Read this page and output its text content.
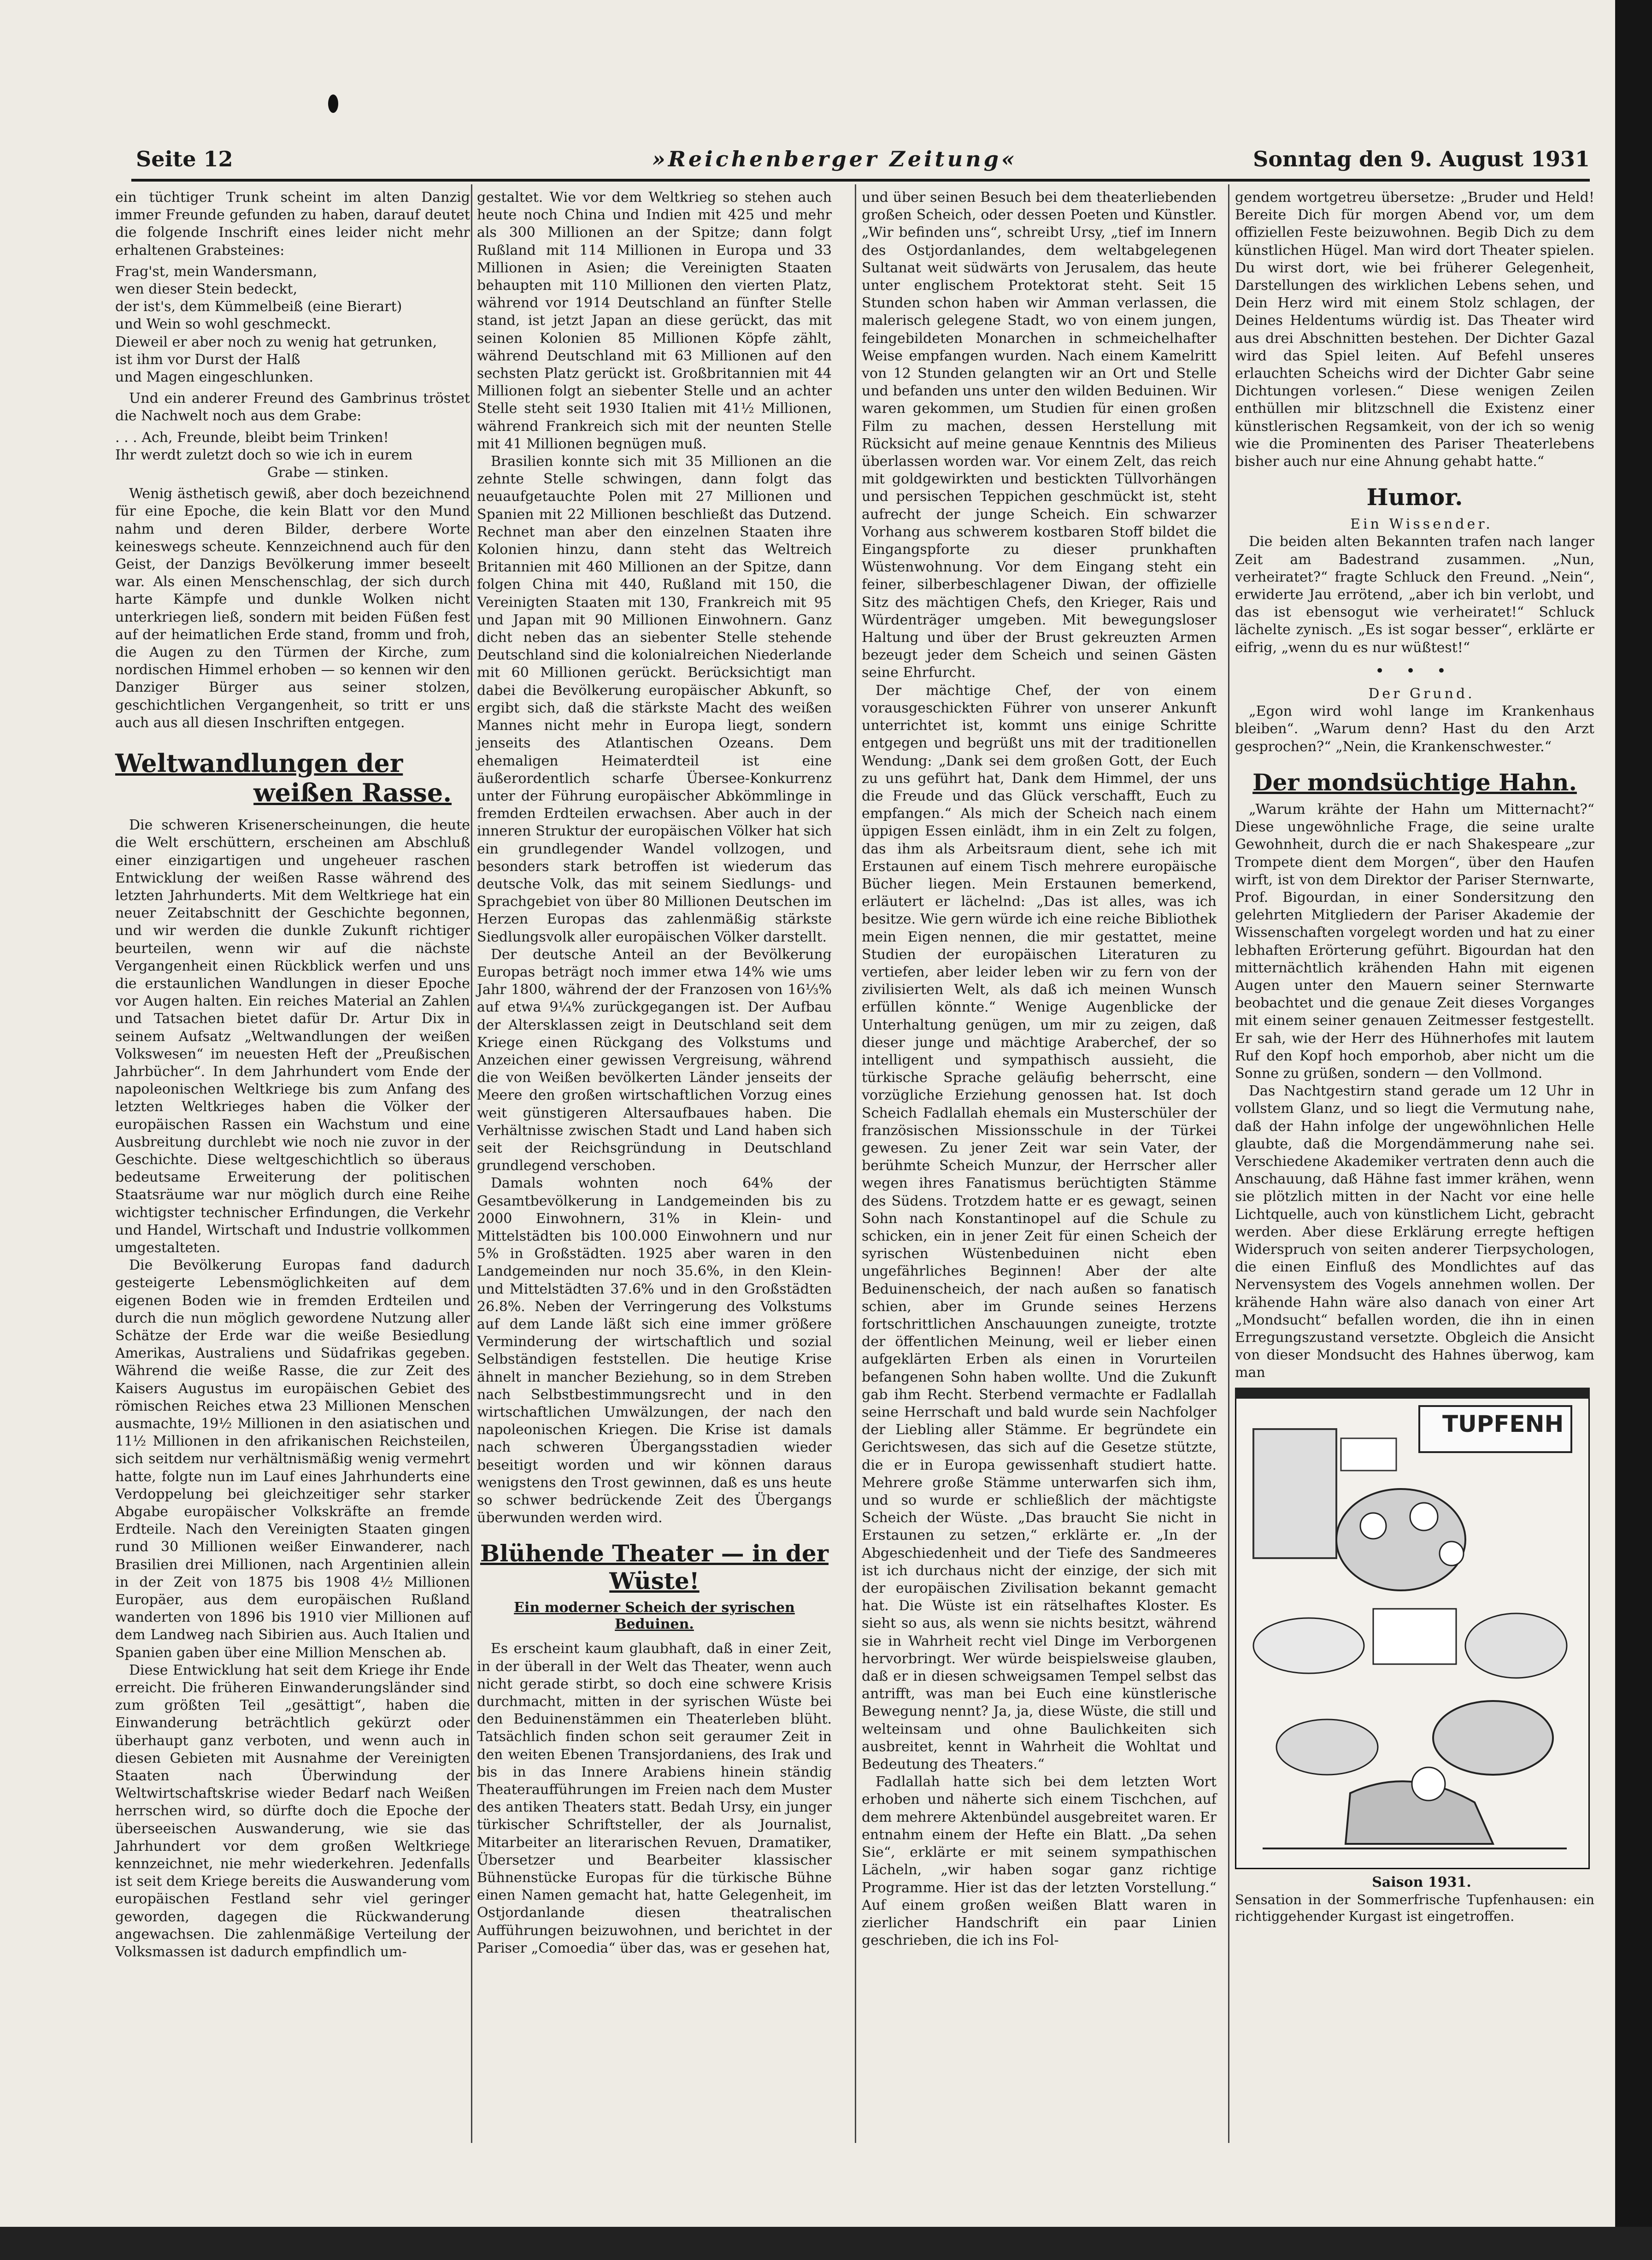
Seite 12	»Reichenberger Zeitung«	Sonntag den 9. August 1931

ein tüchtiger Trunk scheint im alten Danzig immer Freunde gefunden zu haben, darauf deutet die folgende Inschrift eines leider nicht mehr erhaltenen Grabsteines:

Frag'st, mein Wandersmann,
wen dieser Stein bedeckt,
der ist's, dem Kümmelbeiß (eine Bierart)
und Wein so wohl geschmeckt.
Dieweil er aber noch zu wenig hat getrunken,
ist ihm vor Durst der Halß
und Magen eingeschlunken.

Und ein anderer Freund des Gambrinus tröstet die Nachwelt noch aus dem Grabe:

. . . Ach, Freunde, bleibt beim Trinken!
Ihr werdt zuletzt doch so wie ich in eurem
Grabe — stinken.

Wenig ästhetisch gewiß, aber doch bezeichnend für eine Epoche, die kein Blatt vor den Mund nahm und deren Bilder, derbere Worte keineswegs scheute. Kennzeichnend auch für den Geist, der Danzigs Bevölkerung immer beseelt war. Als einen Menschenschlag, der sich durch harte Kämpfe und dunkle Wolken nicht unterkriegen ließ, sondern mit beiden Füßen fest auf der heimatlichen Erde stand, fromm und froh, die Augen zu den Türmen der Kirche, zum nordischen Himmel erhoben — so kennen wir den Danziger Bürger aus seiner stolzen, geschichtlichen Vergangenheit, so tritt er uns auch aus all diesen Inschriften entgegen.

Weltwandlungen der
weißen Rasse.

Die schweren Krisenerscheinungen, die heute die Welt erschüttern, erscheinen am Abschluß einer einzigartigen und ungeheuer raschen Entwicklung der weißen Rasse während des letzten Jahrhunderts. Mit dem Weltkriege hat ein neuer Zeitabschnitt der Geschichte begonnen, und wir werden die dunkle Zukunft richtiger beurteilen, wenn wir auf die nächste Vergangenheit einen Rückblick werfen und uns die erstaunlichen Wandlungen in dieser Epoche vor Augen halten. Ein reiches Material an Zahlen und Tatsachen bietet dafür Dr. Artur Dix in seinem Aufsatz „Weltwandlungen der weißen Volkswesen“ im neuesten Heft der „Preußischen Jahrbücher“. In dem Jahrhundert vom Ende der napoleonischen Weltkriege bis zum Anfang des letzten Weltkrieges haben die Völker der europäischen Rassen ein Wachstum und eine Ausbreitung durchlebt wie noch nie zuvor in der Geschichte. Diese weltgeschichtlich so überaus bedeutsame Erweiterung der politischen Staatsräume war nur möglich durch eine Reihe wichtigster technischer Erfindungen, die Verkehr und Handel, Wirtschaft und Industrie vollkommen umgestalteten.

Die Bevölkerung Europas fand dadurch gesteigerte Lebensmöglichkeiten auf dem eigenen Boden wie in fremden Erdteilen und durch die nun möglich gewordene Nutzung aller Schätze der Erde war die weiße Besiedlung Amerikas, Australiens und Südafrikas gegeben. Während die weiße Rasse, die zur Zeit des Kaisers Augustus im europäischen Gebiet des römischen Reiches etwa 23 Millionen Menschen ausmachte, 19½ Millionen in den asiatischen und 11½ Millionen in den afrikanischen Reichsteilen, sich seitdem nur verhältnismäßig wenig vermehrt hatte, folgte nun im Lauf eines Jahrhunderts eine Verdoppelung bei gleichzeitiger sehr starker Abgabe europäischer Volkskräfte an fremde Erdteile. Nach den Vereinigten Staaten gingen rund 30 Millionen weißer Einwanderer, nach Brasilien drei Millionen, nach Argentinien allein in der Zeit von 1875 bis 1908 4½ Millionen Europäer, aus dem europäischen Rußland wanderten von 1896 bis 1910 vier Millionen auf dem Landweg nach Sibirien aus. Auch Italien und Spanien gaben über eine Million Menschen ab.

Diese Entwicklung hat seit dem Kriege ihr Ende erreicht. Die früheren Einwanderungsländer sind zum größten Teil „gesättigt“, haben die Einwanderung beträchtlich gekürzt oder überhaupt ganz verboten, und wenn auch in diesen Gebieten mit Ausnahme der Vereinigten Staaten nach Überwindung der Weltwirtschaftskrise wieder Bedarf nach Weißen herrschen wird, so dürfte doch die Epoche der überseeischen Auswanderung, wie sie das Jahrhundert vor dem großen Weltkriege kennzeichnet, nie mehr wiederkehren. Jedenfalls ist seit dem Kriege bereits die Auswanderung vom europäischen Festland sehr viel geringer geworden, dagegen die Rückwanderung angewachsen. Die zahlenmäßige Verteilung der Volksmassen ist dadurch empfindlich um-

gestaltet. Wie vor dem Weltkrieg so stehen auch heute noch China und Indien mit 425 und mehr als 300 Millionen an der Spitze; dann folgt Rußland mit 114 Millionen in Europa und 33 Millionen in Asien; die Vereinigten Staaten behaupten mit 110 Millionen den vierten Platz, während vor 1914 Deutschland an fünfter Stelle stand, ist jetzt Japan an diese gerückt, das mit seinen Kolonien 85 Millionen Köpfe zählt, während Deutschland mit 63 Millionen auf den sechsten Platz gerückt ist. Großbritannien mit 44 Millionen folgt an siebenter Stelle und an achter Stelle steht seit 1930 Italien mit 41½ Millionen, während Frankreich sich mit der neunten Stelle mit 41 Millionen begnügen muß.

Brasilien konnte sich mit 35 Millionen an die zehnte Stelle schwingen, dann folgt das neuaufgetauchte Polen mit 27 Millionen und Spanien mit 22 Millionen beschließt das Dutzend. Rechnet man aber den einzelnen Staaten ihre Kolonien hinzu, dann steht das Weltreich Britannien mit 460 Millionen an der Spitze, dann folgen China mit 440, Rußland mit 150, die Vereinigten Staaten mit 130, Frankreich mit 95 und Japan mit 90 Millionen Einwohnern. Ganz dicht neben das an siebenter Stelle stehende Deutschland sind die kolonialreichen Niederlande mit 60 Millionen gerückt. Berücksichtigt man dabei die Bevölkerung europäischer Abkunft, so ergibt sich, daß die stärkste Macht des weißen Mannes nicht mehr in Europa liegt, sondern jenseits des Atlantischen Ozeans. Dem ehemaligen Heimaterdteil ist eine äußerordentlich scharfe Übersee-Konkurrenz unter der Führung europäischer Abkömmlinge in fremden Erdteilen erwachsen. Aber auch in der inneren Struktur der europäischen Völker hat sich ein grundlegender Wandel vollzogen, und besonders stark betroffen ist wiederum das deutsche Volk, das mit seinem Siedlungs- und Sprachgebiet von über 80 Millionen Deutschen im Herzen Europas das zahlenmäßig stärkste Siedlungsvolk aller europäischen Völker darstellt.

Der deutsche Anteil an der Bevölkerung Europas beträgt noch immer etwa 14% wie ums Jahr 1800, während der der Franzosen von 16⅓% auf etwa 9¼% zurückgegangen ist. Der Aufbau der Altersklassen zeigt in Deutschland seit dem Kriege einen Rückgang des Volkstums und Anzeichen einer gewissen Vergreisung, während die von Weißen bevölkerten Länder jenseits der Meere den großen wirtschaftlichen Vorzug eines weit günstigeren Altersaufbaues haben. Die Verhältnisse zwischen Stadt und Land haben sich seit der Reichsgründung in Deutschland grundlegend verschoben.

Damals wohnten noch 64% der Gesamtbevölkerung in Landgemeinden bis zu 2000 Einwohnern, 31% in Klein- und Mittelstädten bis 100.000 Einwohnern und nur 5% in Großstädten. 1925 aber waren in den Landgemeinden nur noch 35.6%, in den Klein- und Mittelstädten 37.6% und in den Großstädten 26.8%. Neben der Verringerung des Volkstums auf dem Lande läßt sich eine immer größere Verminderung der wirtschaftlich und sozial Selbständigen feststellen. Die heutige Krise ähnelt in mancher Beziehung, so in dem Streben nach Selbstbestimmungsrecht und in den wirtschaftlichen Umwälzungen, der nach den napoleonischen Kriegen. Die Krise ist damals nach schweren Übergangsstadien wieder beseitigt worden und wir können daraus wenigstens den Trost gewinnen, daß es uns heute so schwer bedrückende Zeit des Übergangs überwunden werden wird.

Blühende Theater — in der Wüste!
Ein moderner Scheich der syrischen Beduinen.

Es erscheint kaum glaubhaft, daß in einer Zeit, in der überall in der Welt das Theater, wenn auch nicht gerade stirbt, so doch eine schwere Krisis durchmacht, mitten in der syrischen Wüste bei den Beduinenstämmen ein Theaterleben blüht. Tatsächlich finden schon seit geraumer Zeit in den weiten Ebenen Transjordaniens, des Irak und bis in das Innere Arabiens hinein ständig Theateraufführungen im Freien nach dem Muster des antiken Theaters statt. Bedah Ursy, ein junger türkischer Schriftsteller, der als Journalist, Mitarbeiter an literarischen Revuen, Dramatiker, Übersetzer und Bearbeiter klassischer Bühnenstücke Europas für die türkische Bühne einen Namen gemacht hat, hatte Gelegenheit, im Ostjordanlande diesen theatralischen Aufführungen beizuwohnen, und berichtet in der Pariser „Comoedia“ über das, was er gesehen hat,

und über seinen Besuch bei dem theaterliebenden großen Scheich, oder dessen Poeten und Künstler. „Wir befinden uns“, schreibt Ursy, „tief im Innern des Ostjordanlandes, dem weltabgelegenen Sultanat weit südwärts von Jerusalem, das heute unter englischem Protektorat steht. Seit 15 Stunden schon haben wir Amman verlassen, die malerisch gelegene Stadt, wo von einem jungen, feingebildeten Monarchen in schmeichelhafter Weise empfangen wurden. Nach einem Kamelritt von 12 Stunden gelangten wir an Ort und Stelle und befanden uns unter den wilden Beduinen. Wir waren gekommen, um Studien für einen großen Film zu machen, dessen Herstellung mit Rücksicht auf meine genaue Kenntnis des Milieus überlassen worden war. Vor einem Zelt, das reich mit goldgewirkten und bestickten Tüllvorhängen und persischen Teppichen geschmückt ist, steht aufrecht der junge Scheich. Ein schwarzer Vorhang aus schwerem kostbaren Stoff bildet die Eingangspforte zu dieser prunkhaften Wüstenwohnung. Vor dem Eingang steht ein feiner, silberbeschlagener Diwan, der offizielle Sitz des mächtigen Chefs, den Krieger, Rais und Würdenträger umgeben. Mit bewegungsloser Haltung und über der Brust gekreuzten Armen bezeugt jeder dem Scheich und seinen Gästen seine Ehrfurcht.

Der mächtige Chef, der von einem vorausgeschickten Führer von unserer Ankunft unterrichtet ist, kommt uns einige Schritte entgegen und begrüßt uns mit der traditionellen Wendung: „Dank sei dem großen Gott, der Euch zu uns geführt hat, Dank dem Himmel, der uns die Freude und das Glück verschafft, Euch zu empfangen.“ Als mich der Scheich nach einem üppigen Essen einlädt, ihm in ein Zelt zu folgen, das ihm als Arbeitsraum dient, sehe ich mit Erstaunen auf einem Tisch mehrere europäische Bücher liegen. Mein Erstaunen bemerkend, erläutert er lächelnd: „Das ist alles, was ich besitze. Wie gern würde ich eine reiche Bibliothek mein Eigen nennen, die mir gestattet, meine Studien der europäischen Literaturen zu vertiefen, aber leider leben wir zu fern von der zivilisierten Welt, als daß ich meinen Wunsch erfüllen könnte.“ Wenige Augenblicke der Unterhaltung genügen, um mir zu zeigen, daß dieser junge und mächtige Araberchef, der so intelligent und sympathisch aussieht, die türkische Sprache geläufig beherrscht, eine vorzügliche Erziehung genossen hat. Ist doch Scheich Fadlallah ehemals ein Musterschüler der französischen Missionsschule in der Türkei gewesen. Zu jener Zeit war sein Vater, der berühmte Scheich Munzur, der Herrscher aller wegen ihres Fanatismus berüchtigten Stämme des Südens. Trotzdem hatte er es gewagt, seinen Sohn nach Konstantinopel auf die Schule zu schicken, ein in jener Zeit für einen Scheich der syrischen Wüstenbeduinen nicht eben ungefährliches Beginnen! Aber der alte Beduinenscheich, der nach außen so fanatisch schien, aber im Grunde seines Herzens fortschrittlichen Anschauungen zuneigte, trotzte der öffentlichen Meinung, weil er lieber einen aufgeklärten Erben als einen in Vorurteilen befangenen Sohn haben wollte. Und die Zukunft gab ihm Recht. Sterbend vermachte er Fadlallah seine Herrschaft und bald wurde sein Nachfolger der Liebling aller Stämme. Er begründete ein Gerichtswesen, das sich auf die Gesetze stützte, die er in Europa gewissenhaft studiert hatte. Mehrere große Stämme unterwarfen sich ihm, und so wurde er schließlich der mächtigste Scheich der Wüste. „Das braucht Sie nicht in Erstaunen zu setzen,“ erklärte er. „In der Abgeschiedenheit und der Tiefe des Sandmeeres ist ich durchaus nicht der einzige, der sich mit der europäischen Zivilisation bekannt gemacht hat. Die Wüste ist ein rätselhaftes Kloster. Es sieht so aus, als wenn sie nichts besitzt, während sie in Wahrheit recht viel Dinge im Verborgenen hervorbringt. Wer würde beispielsweise glauben, daß er in diesen schweigsamen Tempel selbst das antrifft, was man bei Euch eine künstlerische Bewegung nennt? Ja, ja, diese Wüste, die still und welteinsam und ohne Baulichkeiten sich ausbreitet, kennt in Wahrheit die Wohltat und Bedeutung des Theaters.“

Fadlallah hatte sich bei dem letzten Wort erhoben und näherte sich einem Tischchen, auf dem mehrere Aktenbündel ausgebreitet waren. Er entnahm einem der Hefte ein Blatt. „Da sehen Sie“, erklärte er mit seinem sympathischen Lächeln, „wir haben sogar ganz richtige Programme. Hier ist das der letzten Vorstellung.“ Auf einem großen weißen Blatt waren in zierlicher Handschrift ein paar Linien geschrieben, die ich ins Fol-

gendem wortgetreu übersetze: „Bruder und Held! Bereite Dich für morgen Abend vor, um dem offiziellen Feste beizuwohnen. Begib Dich zu dem künstlichen Hügel. Man wird dort Theater spielen. Du wirst dort, wie bei früherer Gelegenheit, Darstellungen des wirklichen Lebens sehen, und Dein Herz wird mit einem Stolz schlagen, der Deines Heldentums würdig ist. Das Theater wird aus drei Abschnitten bestehen. Der Dichter Gazal wird das Spiel leiten. Auf Befehl unseres erlauchten Scheichs wird der Dichter Gabr seine Dichtungen vorlesen.“ Diese wenigen Zeilen enthüllen mir blitzschnell die Existenz einer künstlerischen Regsamkeit, von der ich so wenig wie die Prominenten des Pariser Theaterlebens bisher auch nur eine Ahnung gehabt hatte.“

Humor.

Ein Wissender.

Die beiden alten Bekannten trafen nach langer Zeit am Badestrand zusammen. „Nun, verheiratet?“ fragte Schluck den Freund. „Nein“, erwiderte Jau errötend, „aber ich bin verlobt, und das ist ebensogut wie verheiratet!“ Schluck lächelte zynisch. „Es ist sogar besser“, erklärte er eifrig, „wenn du es nur wüßtest!“

• • •

Der Grund.

„Egon wird wohl lange im Krankenhaus bleiben“. „Warum denn? Hast du den Arzt gesprochen?“ „Nein, die Krankenschwester.“

Der mondsüchtige Hahn.

„Warum krähte der Hahn um Mitternacht?“ Diese ungewöhnliche Frage, die seine uralte Gewohnheit, durch die er nach Shakespeare „zur Trompete dient dem Morgen“, über den Haufen wirft, ist von dem Direktor der Pariser Sternwarte, Prof. Bigourdan, in einer Sondersitzung den gelehrten Mitgliedern der Pariser Akademie der Wissenschaften vorgelegt worden und hat zu einer lebhaften Erörterung geführt. Bigourdan hat den mitternächtlich krähenden Hahn mit eigenen Augen unter den Mauern seiner Sternwarte beobachtet und die genaue Zeit dieses Vorganges mit einem seiner genauen Zeitmesser festgestellt. Er sah, wie der Herr des Hühnerhofes mit lautem Ruf den Kopf hoch emporhob, aber nicht um die Sonne zu grüßen, sondern — den Vollmond.

Das Nachtgestirn stand gerade um 12 Uhr in vollstem Glanz, und so liegt die Vermutung nahe, daß der Hahn infolge der ungewöhnlichen Helle glaubte, daß die Morgendämmerung nahe sei. Verschiedene Akademiker vertraten denn auch die Anschauung, daß Hähne fast immer krähen, wenn sie plötzlich mitten in der Nacht vor eine helle Lichtquelle, auch von künstlichem Licht, gebracht werden. Aber diese Erklärung erregte heftigen Widerspruch von seiten anderer Tierpsychologen, die einen Einfluß des Mondlichtes auf das Nervensystem des Vogels annehmen wollen. Der krähende Hahn wäre also danach von einer Art „Mondsucht“ befallen worden, die ihn in einen Erregungszustand versetzte. Obgleich die Ansicht von dieser Mondsucht des Hahnes überwog, kam man

TUPFENH

Saison 1931.

Sensation in der Sommerfrische Tupfenhausen: ein richtiggehender Kurgast ist eingetroffen.
